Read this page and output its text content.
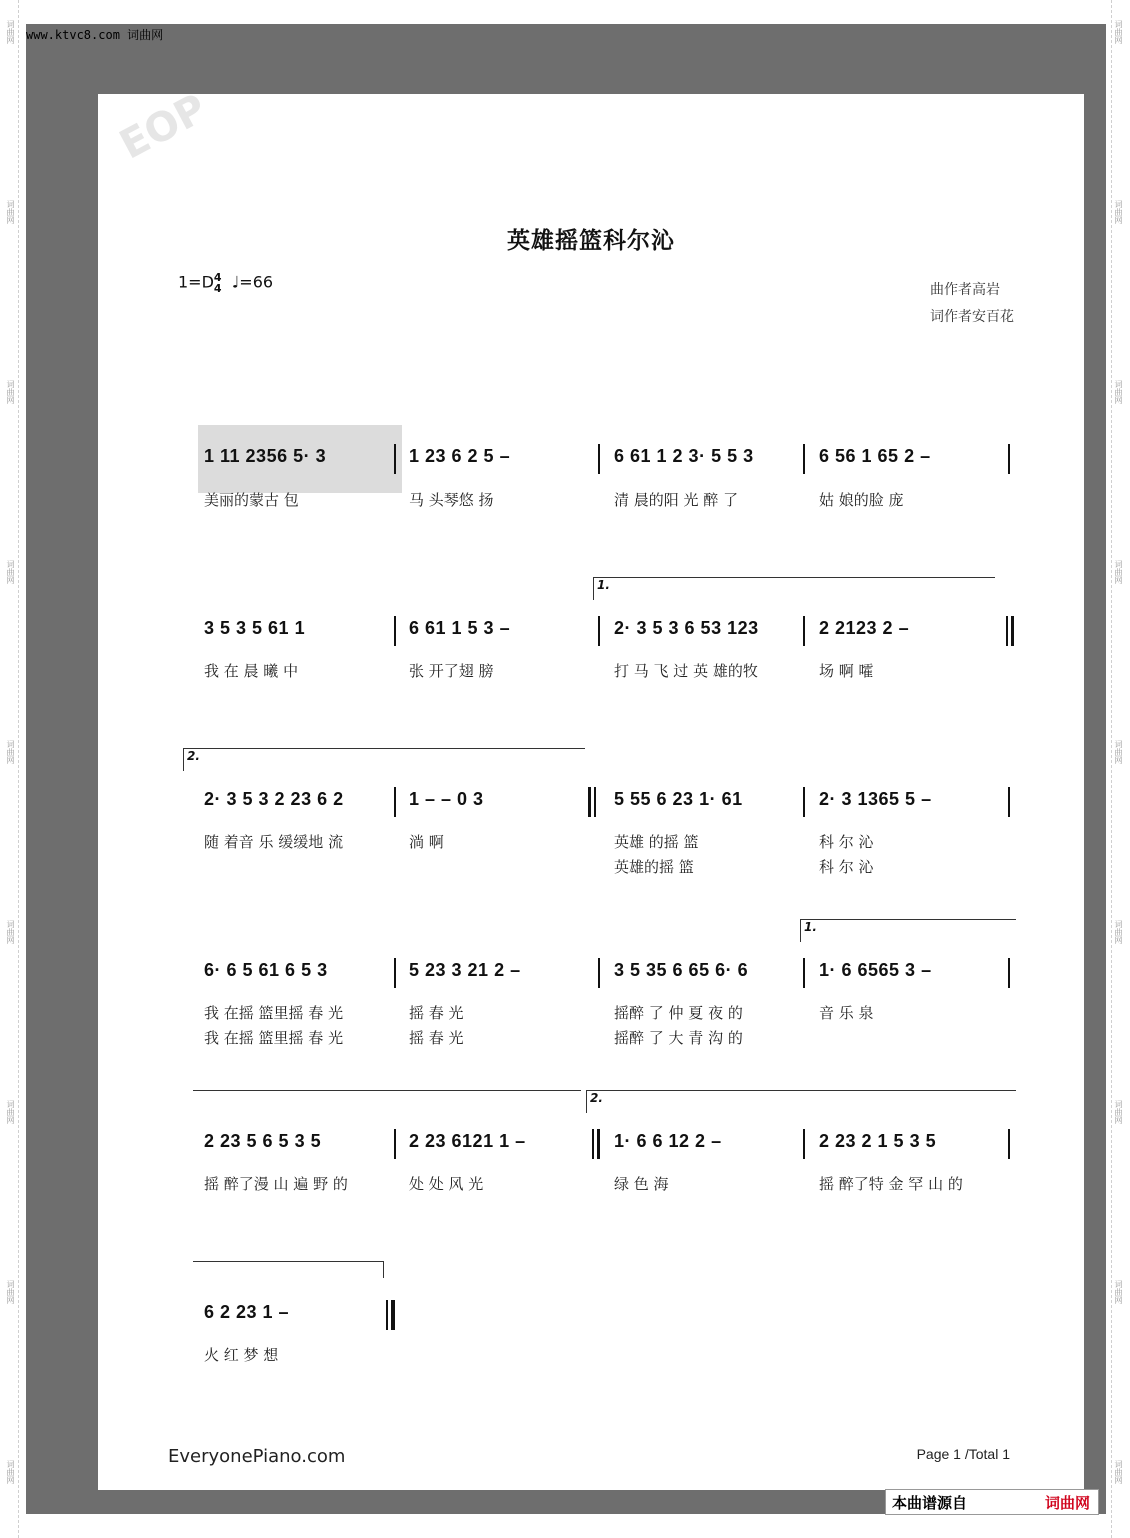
词曲网
词曲网
词曲网
词曲网
词曲网
词曲网
词曲网
词曲网
词曲网
词曲网
词曲网
词曲网
词曲网
词曲网
词曲网
词曲网
词曲网
词曲网
www.ktvc8.com 词曲网
EOP
英雄摇篮科尔沁
1=D4
4 ♩=66	曲作者高岩
词作者安百花
1 11 2356 5· 3	1 23 6 2 5 –	6 61 1 2 3· 5 5 3	6 56 1 65 2 –
美丽的蒙古 包	马 头琴悠 扬	清 晨的阳 光 醉 了	姑 娘的脸 庞
1.
3 5 3 5 61 1	6 61 1 5 3 –	2· 3 5 3 6 53 123	2 2123 2 –
我 在 晨 曦 中	张 开了翅 膀	打 马 飞 过 英 雄的牧	场 啊 嚯
2.
2· 3 5 3 2 23 6 2	1 – – 0 3	5 55 6 23 1· 61	2· 3 1365 5 –
随 着音 乐 缓缓地 流	淌 啊	英雄 的摇 篮	科 尔 沁
英雄的摇 篮	科 尔 沁
1.
6· 6 5 61 6 5 3	5 23 3 21 2 –	3 5 35 6 65 6· 6	1· 6 6565 3 –
我 在摇 篮里摇 春 光	摇 春 光	摇醉 了 仲 夏 夜 的	音 乐 泉
我 在摇 篮里摇 春 光	摇 春 光	摇醉 了 大 青 沟 的
2.
2 23 5 6 5 3 5	2 23 6121 1 –	1· 6 6 12 2 –	2 23 2 1 5 3 5
摇 醉了漫 山 遍 野 的	处 处 风 光	绿 色 海	摇 醉了特 金 罕 山 的
6 2 23 1 –
火 红 梦 想
EveryonePiano.com	Page 1 /Total 1
本曲谱源自	词曲网
